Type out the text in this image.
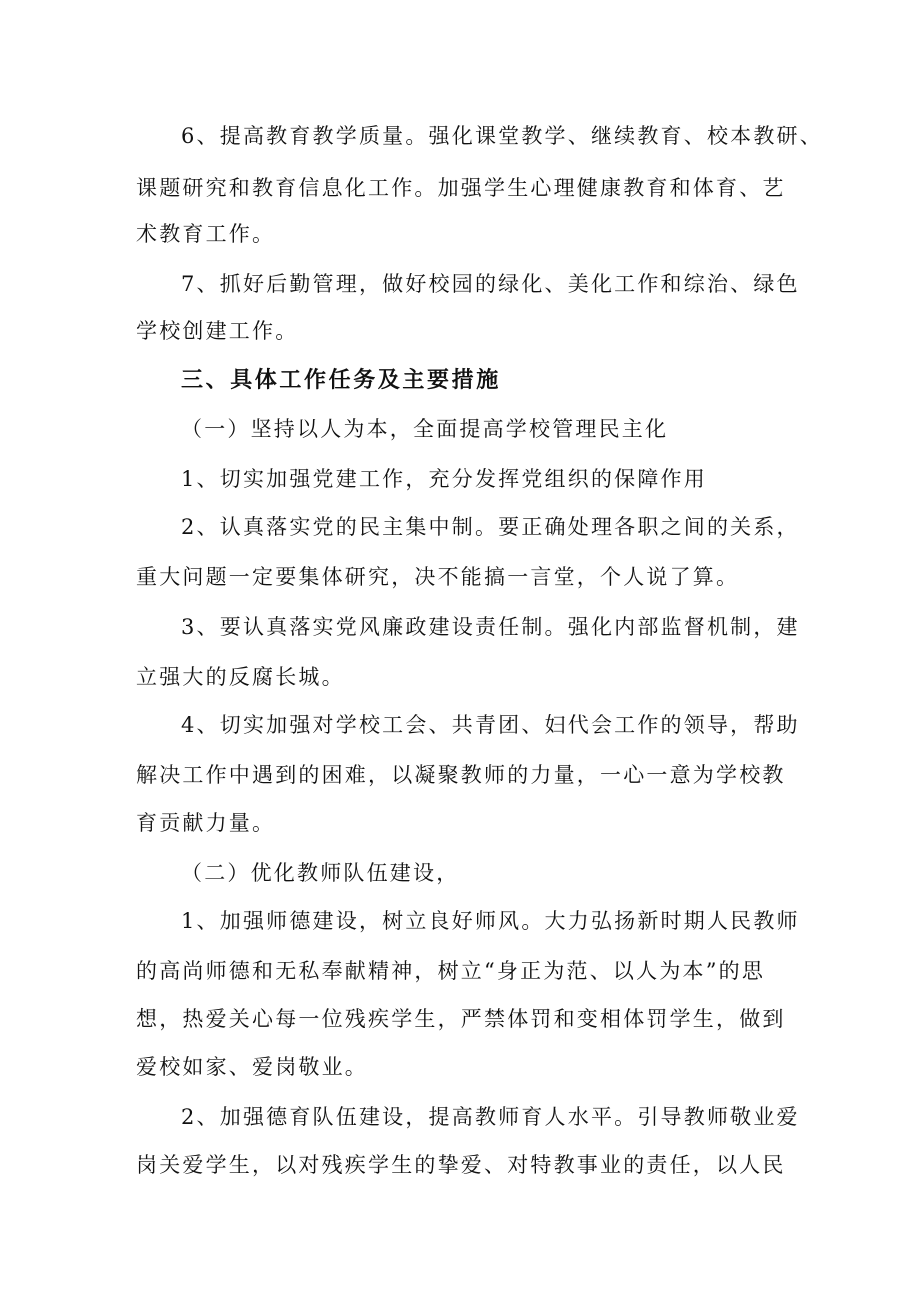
6、提高教育教学质量。强化课堂教学、继续教育、校本教研、
课题研究和教育信息化工作。加强学生心理健康教育和体育、艺
术教育工作。
7、抓好后勤管理，做好校园的绿化、美化工作和综治、绿色
学校创建工作。
三、具体工作任务及主要措施
（一）坚持以人为本，全面提高学校管理民主化
1、切实加强党建工作，充分发挥党组织的保障作用
2、认真落实党的民主集中制。要正确处理各职之间的关系，
重大问题一定要集体研究，决不能搞一言堂，个人说了算。
3、要认真落实党风廉政建设责任制。强化内部监督机制，建
立强大的反腐长城。
4、切实加强对学校工会、共青团、妇代会工作的领导，帮助
解决工作中遇到的困难，以凝聚教师的力量，一心一意为学校教
育贡献力量。
（二）优化教师队伍建设，
1、加强师德建设，树立良好师风。大力弘扬新时期人民教师
的高尚师德和无私奉献精神，树立“身正为范、以人为本”的思
想，热爱关心每一位残疾学生，严禁体罚和变相体罚学生，做到
爱校如家、爱岗敬业。
2、加强德育队伍建设，提高教师育人水平。引导教师敬业爱
岗关爱学生，以对残疾学生的挚爱、对特教事业的责任，以人民
